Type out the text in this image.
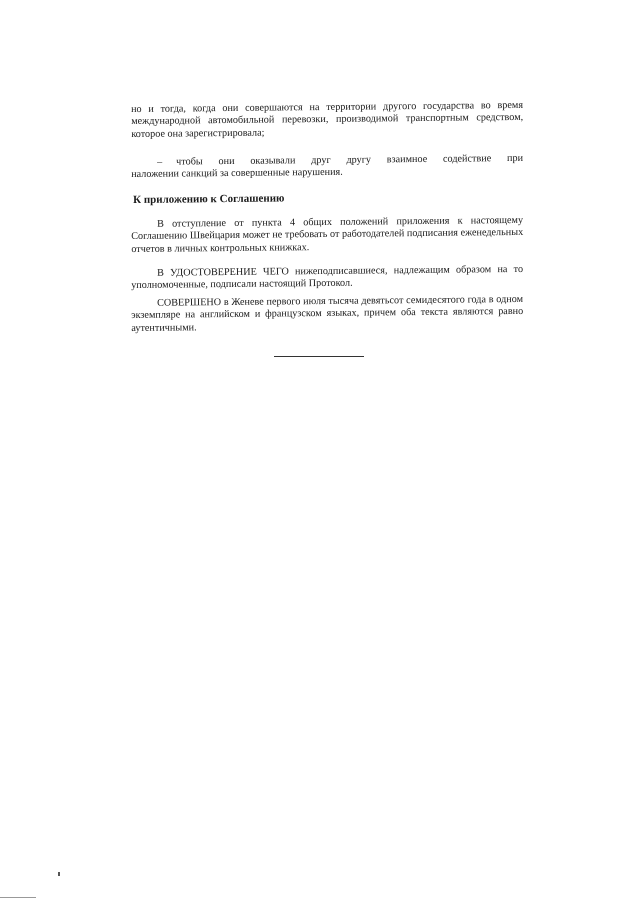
но и тогда, когда они совершаются на территории другого государства во время международной автомобильной перевозки, производимой транспортным средством, которое она зарегистрировала;

– чтобы они оказывали друг другу взаимное содействие при
наложении санкций за совершенные нарушения.

К приложению к Соглашению

В отступление от пункта 4 общих положений приложения к настоящему Соглашению Швейцария может не требовать от работодателей подписания еженедельных отчетов в личных контрольных книжках.

В УДОСТОВЕРЕНИЕ ЧЕГО нижеподписавшиеся, надлежащим образом на то уполномоченные, подписали настоящий Протокол.

СОВЕРШЕНО в Женеве первого июля тысяча девятьсот семидесятого года в одном экземпляре на английском и французском языках, причем оба текста являются равно аутентичными.
